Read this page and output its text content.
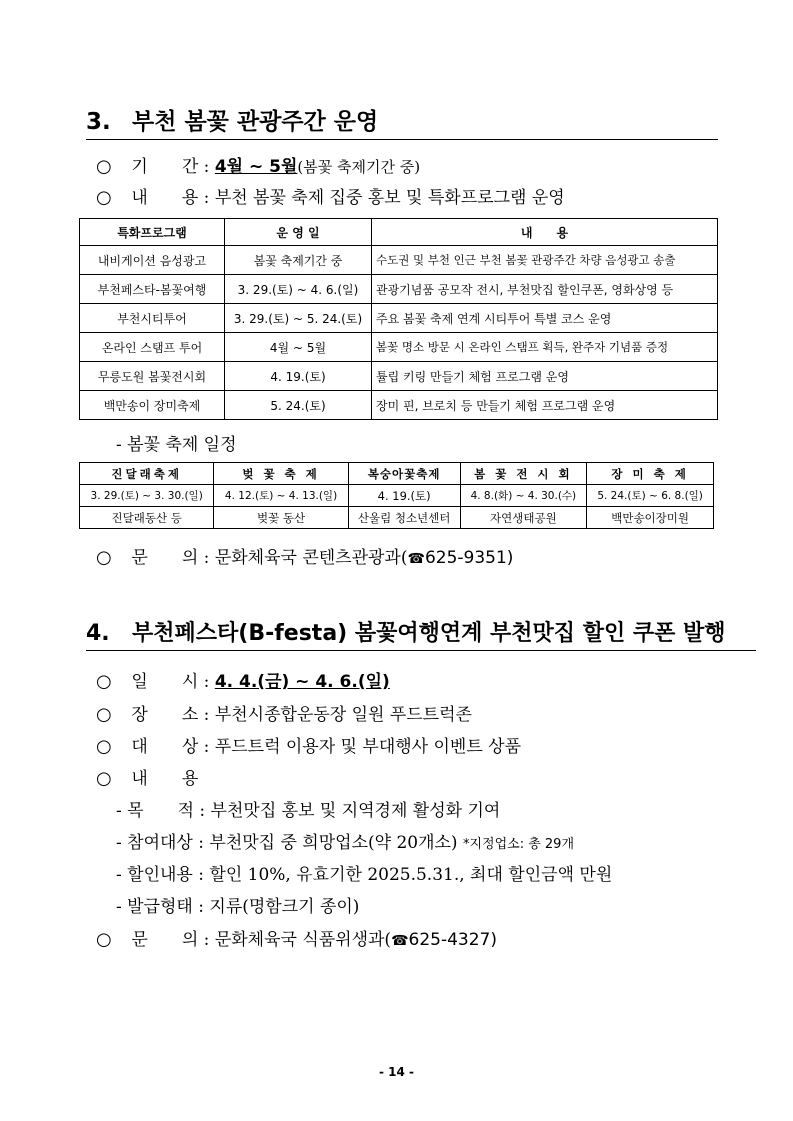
3. 부천 봄꽃 관광주간 운영
○ 기　　간 : 4월 ~ 5월(봄꽃 축제기간 중)
○ 내　　용 : 부천 봄꽃 축제 집중 홍보 및 특화프로그램 운영
특화프로그램	운 영 일	내　　용
내비게이션 음성광고	봄꽃 축제기간 중	수도권 및 부천 인근 부천 봄꽃 관광주간 차량 음성광고 송출
부천페스타-봄꽃여행	3. 29.(토) ~ 4. 6.(일)	관광기념품 공모작 전시, 부천맛집 할인쿠폰, 영화상영 등
부천시티투어	3. 29.(토) ~ 5. 24.(토)	주요 봄꽃 축제 연계 시티투어 특별 코스 운영
온라인 스탬프 투어	4월 ~ 5월	봄꽃 명소 방문 시 온라인 스탬프 획득, 완주자 기념품 증정
무릉도원 봄꽃전시회	4. 19.(토)	튤립 키링 만들기 체험 프로그램 운영
백만송이 장미축제	5. 24.(토)	장미 핀, 브로치 등 만들기 체험 프로그램 운영
- 봄꽃 축제 일정
진달래축제	벚 꽃 축 제	복숭아꽃축제	봄 꽃 전 시 회	장 미 축 제
3. 29.(토) ~ 3. 30.(일)	4. 12.(토) ~ 4. 13.(일)	4. 19.(토)	4. 8.(화) ~ 4. 30.(수)	5. 24.(토) ~ 6. 8.(일)
진달래동산 등	벚꽃 동산	산울림 청소년센터	자연생태공원	백만송이장미원
○ 문　　의 : 문화체육국 콘텐츠관광과(☎625-9351)
4. 부천페스타(B-festa) 봄꽃여행연계 부천맛집 할인 쿠폰 발행
○ 일　　시 : 4. 4.(금) ~ 4. 6.(일)
○ 장　　소 : 부천시종합운동장 일원 푸드트럭존
○ 대　　상 : 푸드트럭 이용자 및 부대행사 이벤트 상품
○ 내　　용
- 목　　적 : 부천맛집 홍보 및 지역경제 활성화 기여
- 참여대상 : 부천맛집 중 희망업소(약 20개소) *지정업소: 총 29개
- 할인내용 : 할인 10%, 유효기한 2025.5.31., 최대 할인금액 만원
- 발급형태 : 지류(명함크기 종이)
○ 문　　의 : 문화체육국 식품위생과(☎625-4327)
- 14 -
